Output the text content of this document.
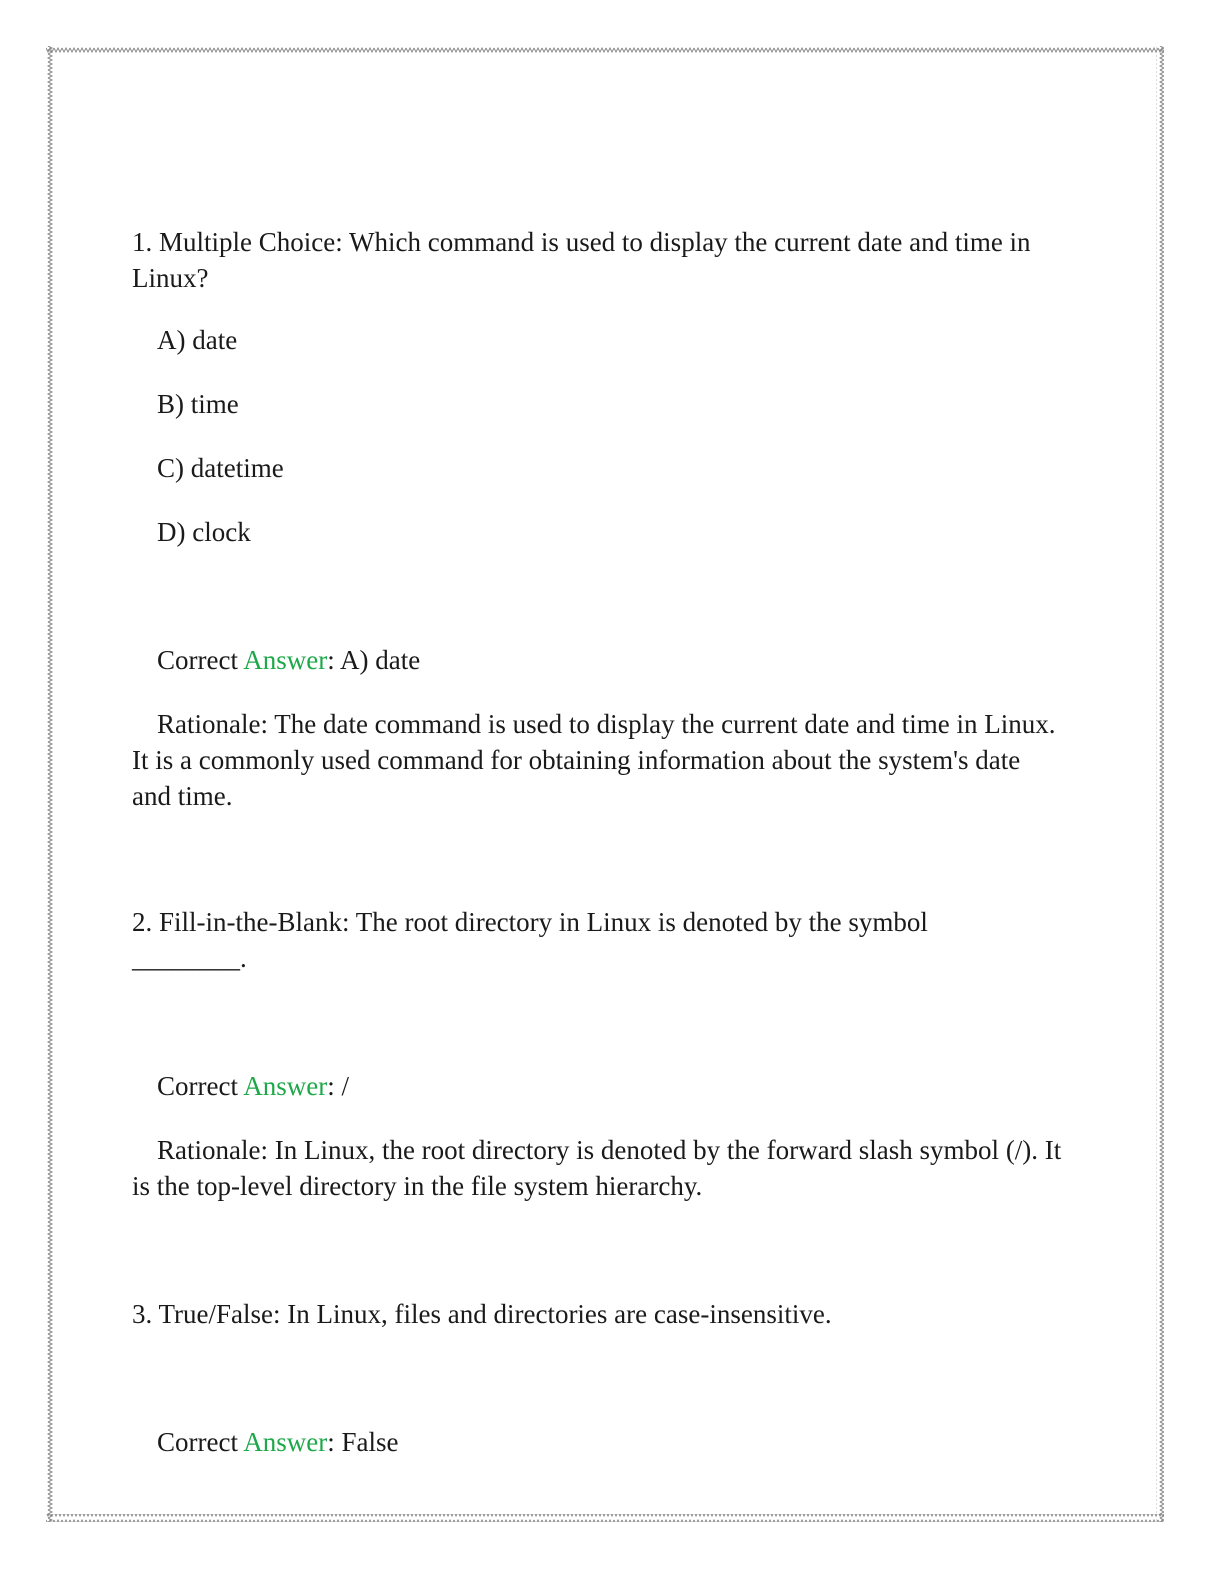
1. Multiple Choice: Which command is used to display the current date and time in Linux?

A) date

B) time

C) datetime

D) clock

Correct Answer: A) date

Rationale: The date command is used to display the current date and time in Linux. It is a commonly used command for obtaining information about the system's date and time.

2. Fill-in-the-Blank: The root directory in Linux is denoted by the symbol
________.

Correct Answer: /

Rationale: In Linux, the root directory is denoted by the forward slash symbol (/). It is the top-level directory in the file system hierarchy.

3. True/False: In Linux, files and directories are case-insensitive.

Correct Answer: False
